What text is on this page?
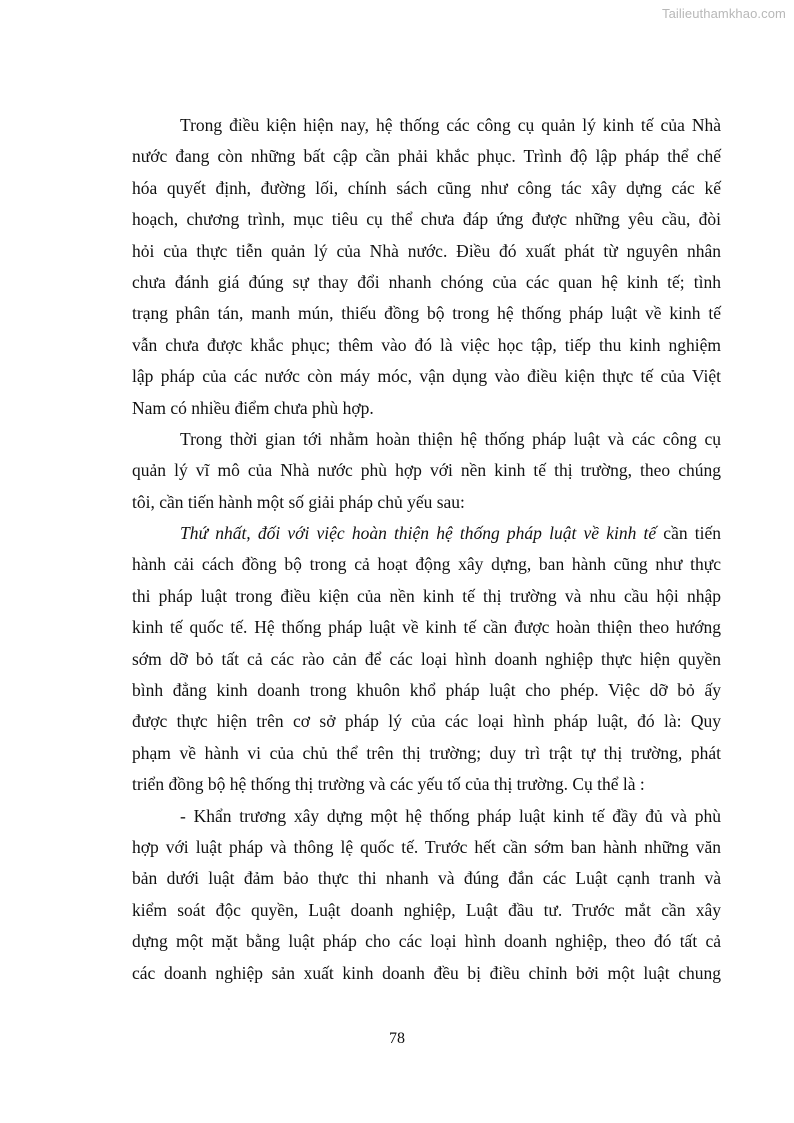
Tailieuthamkhao.com
Trong điều kiện hiện nay, hệ thống các công cụ quản lý kinh tế của Nhà
nước đang còn những bất cập cần phải khắc phục. Trình độ lập pháp thể chế
hóa quyết định, đường lối, chính sách cũng như công tác xây dựng các kế
hoạch, chương trình, mục tiêu cụ thể chưa đáp ứng được những yêu cầu, đòi
hỏi của thực tiễn quản lý của Nhà nước. Điều đó xuất phát từ nguyên nhân
chưa đánh giá đúng sự thay đổi nhanh chóng của các quan hệ kinh tế; tình
trạng phân tán, manh mún, thiếu đồng bộ trong hệ thống pháp luật về kinh tế
vẫn chưa được khắc phục; thêm vào đó là việc học tập, tiếp thu kinh nghiệm
lập pháp của các nước còn máy móc, vận dụng vào điều kiện thực tế của Việt
Nam có nhiều điểm chưa phù hợp.
Trong thời gian tới nhằm hoàn thiện hệ thống pháp luật và các công cụ
quản lý vĩ mô của Nhà nước phù hợp với nền kinh tế thị trường, theo chúng
tôi, cần tiến hành một số giải pháp chủ yếu sau:
Thứ nhất, đối với việc hoàn thiện hệ thống pháp luật về kinh tế cần tiến
hành cải cách đồng bộ trong cả hoạt động xây dựng, ban hành cũng như thực
thi pháp luật trong điều kiện của nền kinh tế thị trường và nhu cầu hội nhập
kinh tế quốc tế. Hệ thống pháp luật về kinh tế cần được hoàn thiện theo hướng
sớm dỡ bỏ tất cả các rào cản để các loại hình doanh nghiệp thực hiện quyền
bình đẳng kinh doanh trong khuôn khổ pháp luật cho phép. Việc dỡ bỏ ấy
được thực hiện trên cơ sở pháp lý của các loại hình pháp luật, đó là: Quy
phạm về hành vi của chủ thể trên thị trường; duy trì trật tự thị trường, phát
triển đồng bộ hệ thống thị trường và các yếu tố của thị trường. Cụ thể là :
- Khẩn trương xây dựng một hệ thống pháp luật kinh tế đầy đủ và phù
hợp với luật pháp và thông lệ quốc tế. Trước hết cần sớm ban hành những văn
bản dưới luật đảm bảo thực thi nhanh và đúng đắn các Luật cạnh tranh và
kiểm soát độc quyền, Luật doanh nghiệp, Luật đầu tư. Trước mắt cần xây
dựng một mặt bằng luật pháp cho các loại hình doanh nghiệp, theo đó tất cả
các doanh nghiệp sản xuất kinh doanh đều bị điều chỉnh bởi một luật chung
78
